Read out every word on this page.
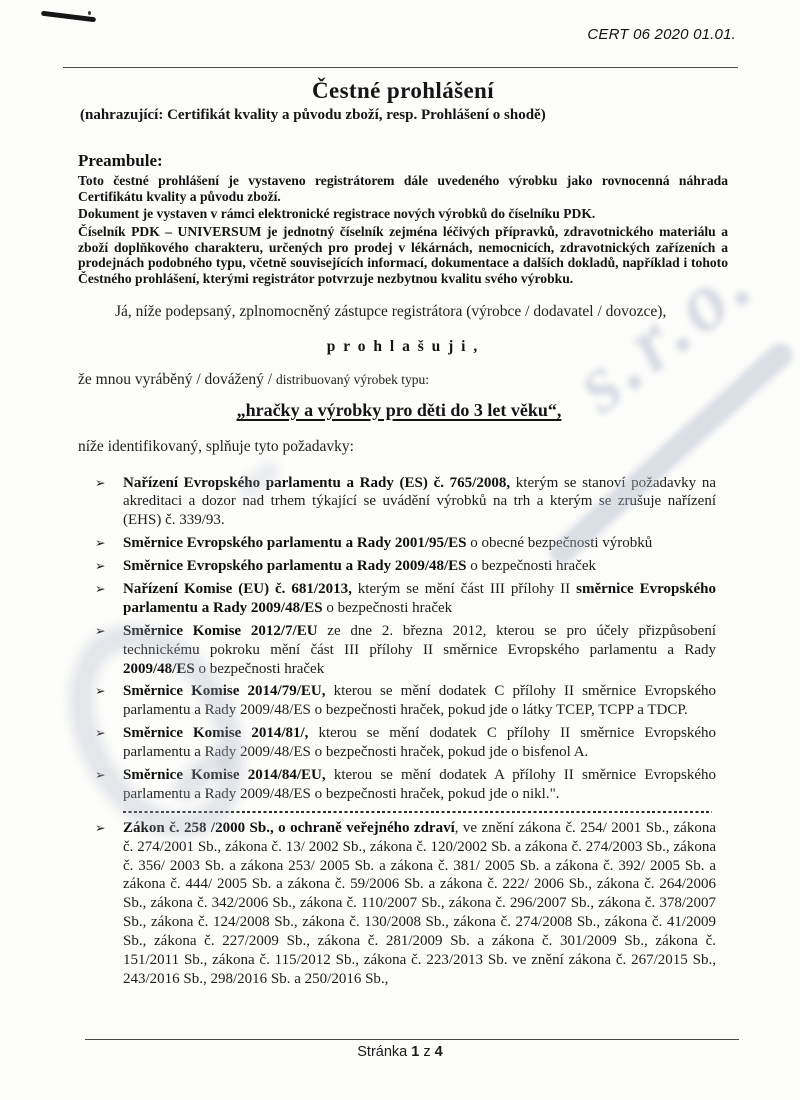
CERT 06 2020 01.01.
Čestné prohlášení

(nahrazující: Certifikát kvality a původu zboží, resp. Prohlášení o shodě)

Preambule:

Toto čestné prohlášení je vystaveno registrátorem dále uvedeného výrobku jako rovnocenná náhrada Certifikátu kvality a původu zboží.

Dokument je vystaven v rámci elektronické registrace nových výrobků do číselníku PDK.

Číselník PDK – UNIVERSUM je jednotný číselník zejména léčivých přípravků, zdravotnického materiálu a zboží doplňkového charakteru, určených pro prodej v lékárnách, nemocnicích, zdravotnických zařízeních a prodejnách podobného typu, včetně souvisejících informací, dokumentace a dalších dokladů, například i tohoto Čestného prohlášení, kterými registrátor potvrzuje nezbytnou kvalitu svého výrobku.

Já, níže podepsaný, zplnomocněný zástupce registrátora (výrobce / dodavatel / dovozce),

p r o h l a š u j i ,

že mnou vyráběný / dovážený / distribuovaný výrobek typu:

„hračky a výrobky pro děti do 3 let věku“,

níže identifikovaný, splňuje tyto požadavky:

➢ Nařízení Evropského parlamentu a Rady (ES) č. 765/2008, kterým se stanoví požadavky na akreditaci a dozor nad trhem týkající se uvádění výrobků na trh a kterým se zrušuje nařízení (EHS) č. 339/93.
➢ Směrnice Evropského parlamentu a Rady 2001/95/ES o obecné bezpečnosti výrobků
➢ Směrnice Evropského parlamentu a Rady 2009/48/ES o bezpečnosti hraček
➢ Nařízení Komise (EU) č. 681/2013, kterým se mění část III přílohy II směrnice Evropského parlamentu a Rady 2009/48/ES o bezpečnosti hraček
➢ Směrnice Komise 2012/7/EU ze dne 2. března 2012, kterou se pro účely přizpůsobení technickému pokroku mění část III přílohy II směrnice Evropského parlamentu a Rady 2009/48/ES o bezpečnosti hraček
➢ Směrnice Komise 2014/79/EU, kterou se mění dodatek C přílohy II směrnice Evropského parlamentu a Rady 2009/48/ES o bezpečnosti hraček, pokud jde o látky TCEP, TCPP a TDCP.
➢ Směrnice Komise 2014/81/, kterou se mění dodatek C přílohy II směrnice Evropského parlamentu a Rady 2009/48/ES o bezpečnosti hraček, pokud jde o bisfenol A.
➢ Směrnice Komise 2014/84/EU, kterou se mění dodatek A přílohy II směrnice Evropského parlamentu a Rady 2009/48/ES o bezpečnosti hraček, pokud jde o nikl.".
➢ Zákon č. 258 /2000 Sb., o ochraně veřejného zdraví, ve znění zákona č. 254/ 2001 Sb., zákona č. 274/2001 Sb., zákona č. 13/ 2002 Sb., zákona č. 120/2002 Sb. a zákona č. 274/2003 Sb., zákona č. 356/ 2003 Sb. a zákona 253/ 2005 Sb. a zákona č. 381/ 2005 Sb. a zákona č. 392/ 2005 Sb. a zákona č. 444/ 2005 Sb. a zákona č. 59/2006 Sb. a zákona č. 222/ 2006 Sb., zákona č. 264/2006 Sb., zákona č. 342/2006 Sb., zákona č. 110/2007 Sb., zákona č. 296/2007 Sb., zákona č. 378/2007 Sb., zákona č. 124/2008 Sb., zákona č. 130/2008 Sb., zákona č. 274/2008 Sb., zákona č. 41/2009 Sb., zákona č. 227/2009 Sb., zákona č. 281/2009 Sb. a zákona č. 301/2009 Sb., zákona č. 151/2011 Sb., zákona č. 115/2012 Sb., zákona č. 223/2013 Sb. ve znění zákona č. 267/2015 Sb., 243/2016 Sb., 298/2016 Sb. a 250/2016 Sb.,
Stránka 1 z 4
s.r.o.
